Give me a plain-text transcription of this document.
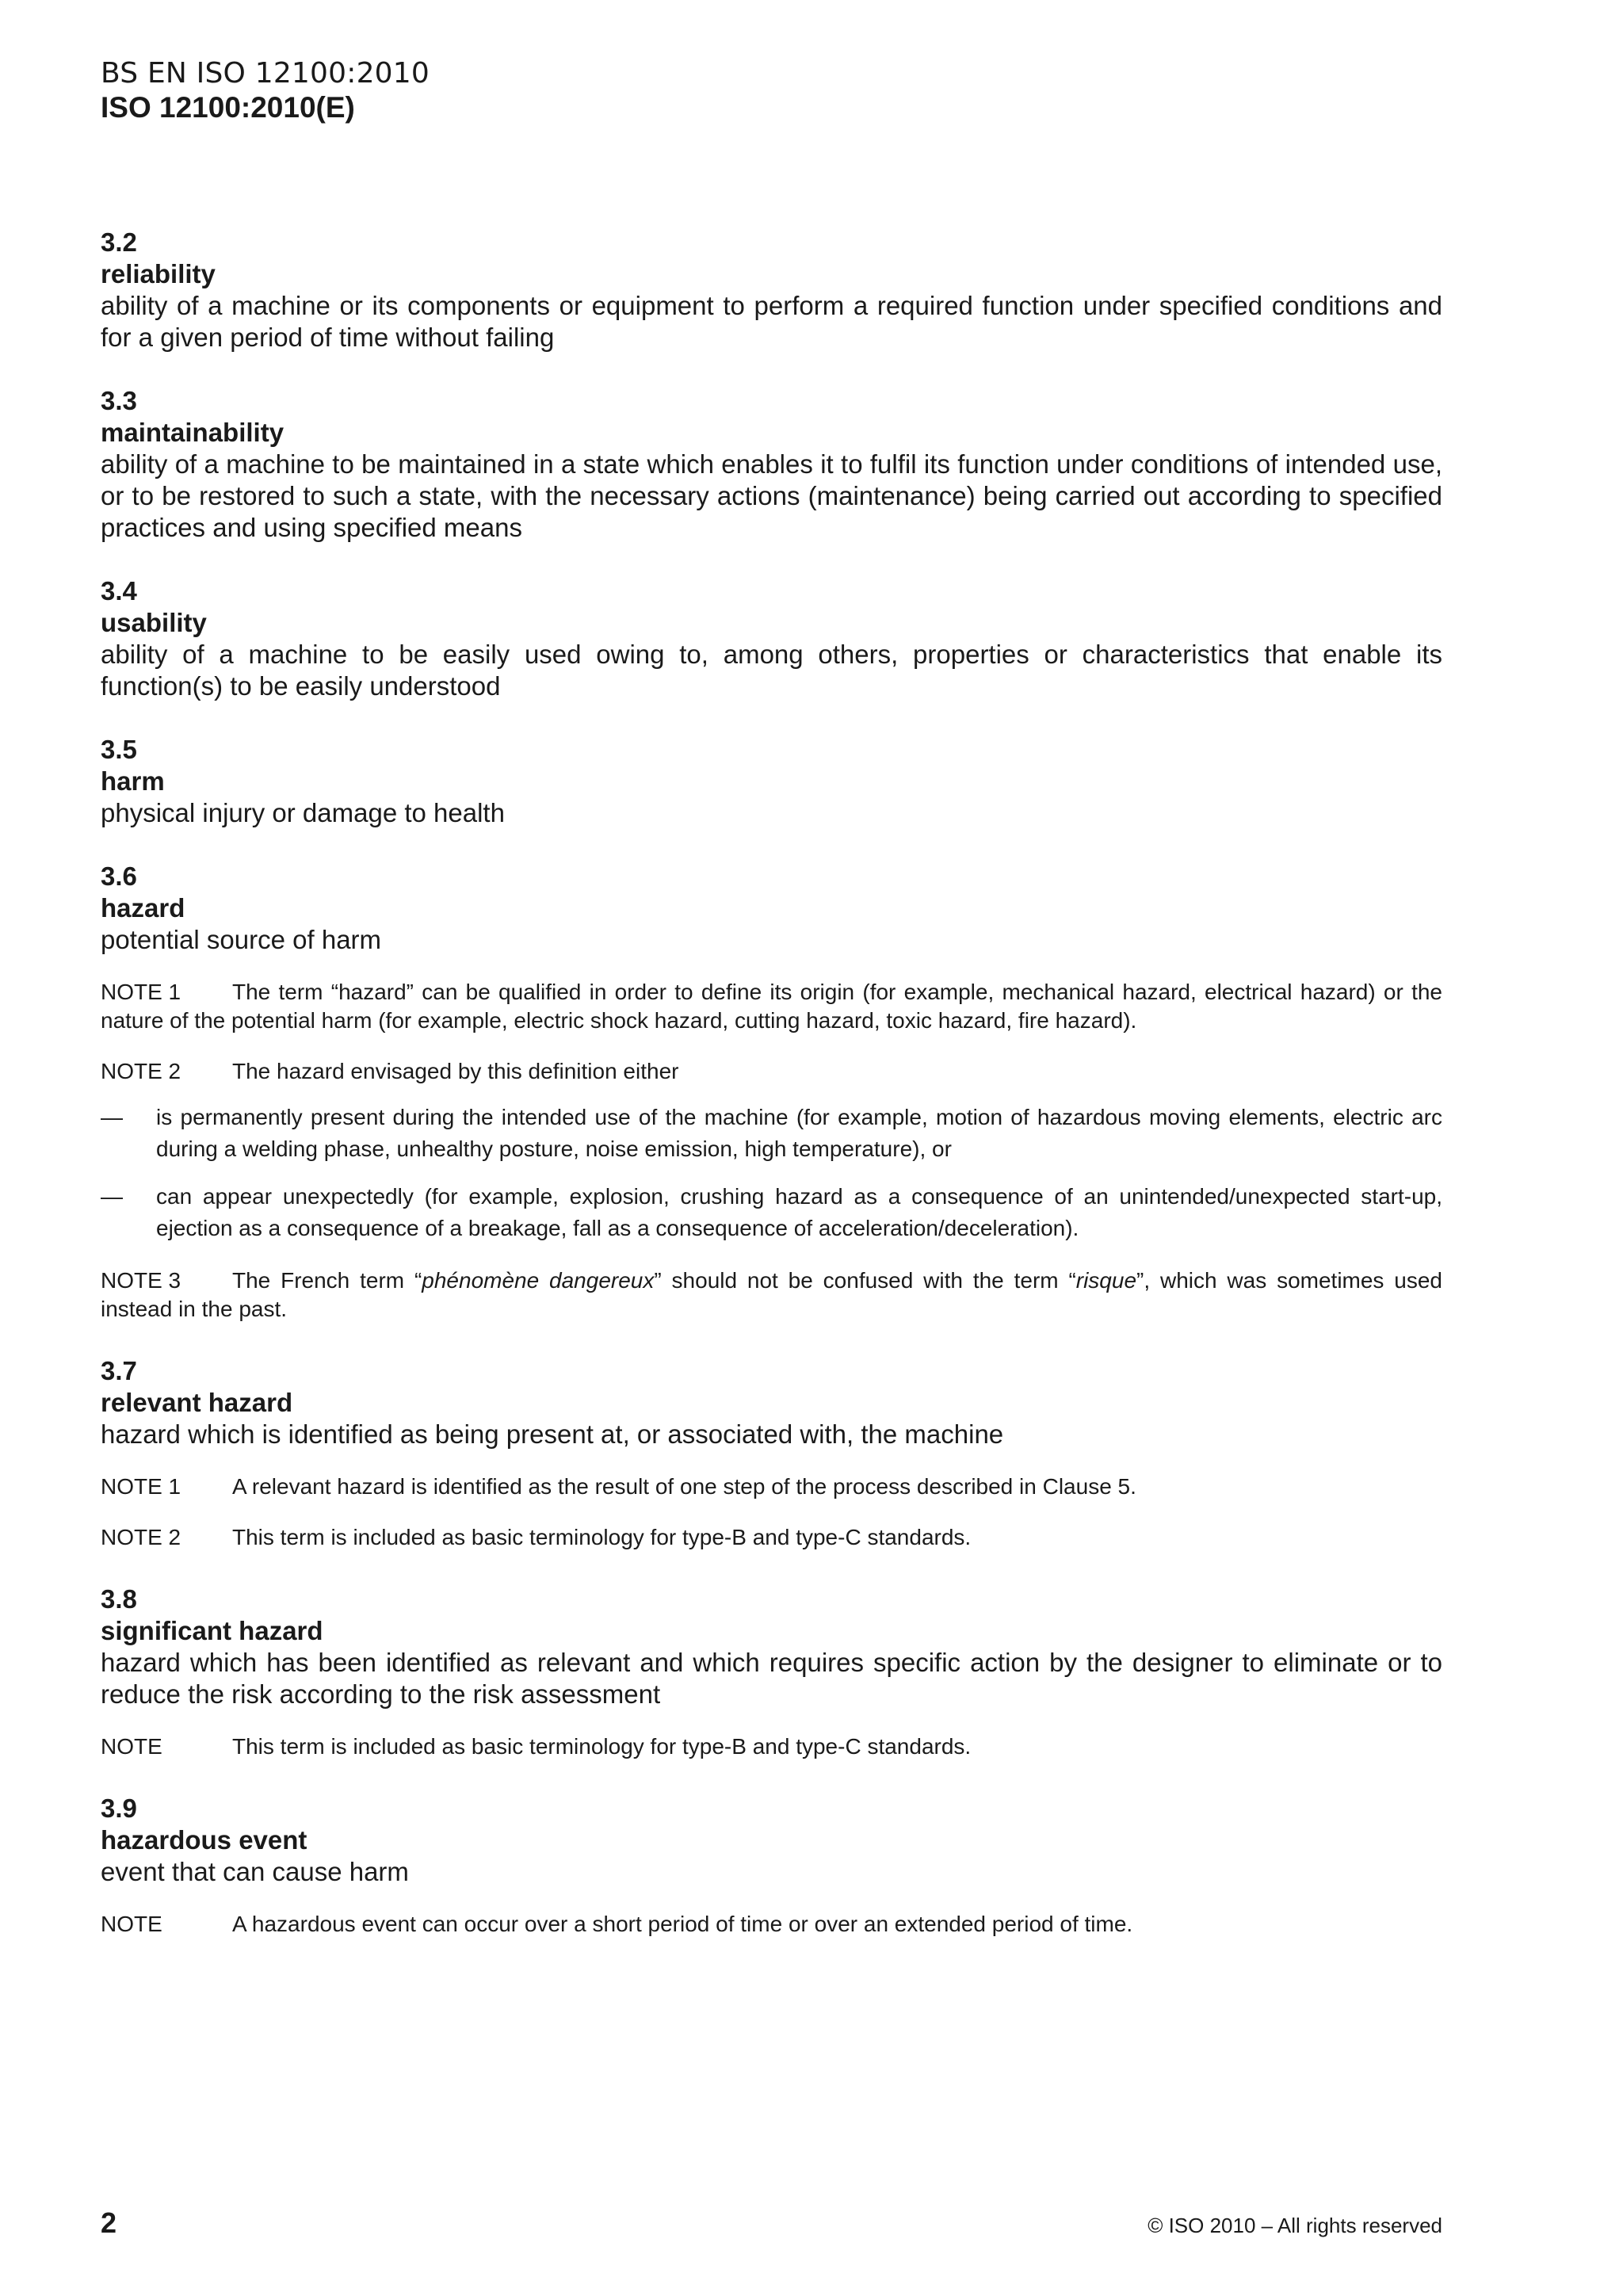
BS EN ISO 12100:2010
ISO 12100:2010(E)
3.2
reliability
ability of a machine or its components or equipment to perform a required function under specified conditions and for a given period of time without failing
3.3
maintainability
ability of a machine to be maintained in a state which enables it to fulfil its function under conditions of intended use, or to be restored to such a state, with the necessary actions (maintenance) being carried out according to specified practices and using specified means
3.4
usability
ability of a machine to be easily used owing to, among others, properties or characteristics that enable its function(s) to be easily understood
3.5
harm
physical injury or damage to health
3.6
hazard
potential source of harm
NOTE 1 The term “hazard” can be qualified in order to define its origin (for example, mechanical hazard, electrical hazard) or the nature of the potential harm (for example, electric shock hazard, cutting hazard, toxic hazard, fire hazard).
NOTE 2 The hazard envisaged by this definition either
— is permanently present during the intended use of the machine (for example, motion of hazardous moving elements, electric arc during a welding phase, unhealthy posture, noise emission, high temperature), or
— can appear unexpectedly (for example, explosion, crushing hazard as a consequence of an unintended/unexpected start-up, ejection as a consequence of a breakage, fall as a consequence of acceleration/deceleration).
NOTE 3 The French term “phénomène dangereux” should not be confused with the term “risque”, which was sometimes used instead in the past.
3.7
relevant hazard
hazard which is identified as being present at, or associated with, the machine
NOTE 1 A relevant hazard is identified as the result of one step of the process described in Clause 5.
NOTE 2 This term is included as basic terminology for type-B and type-C standards.
3.8
significant hazard
hazard which has been identified as relevant and which requires specific action by the designer to eliminate or to reduce the risk according to the risk assessment
NOTE	This term is included as basic terminology for type-B and type-C standards.
3.9
hazardous event
event that can cause harm
NOTE	A hazardous event can occur over a short period of time or over an extended period of time.
2	© ISO 2010 – All rights reserved
